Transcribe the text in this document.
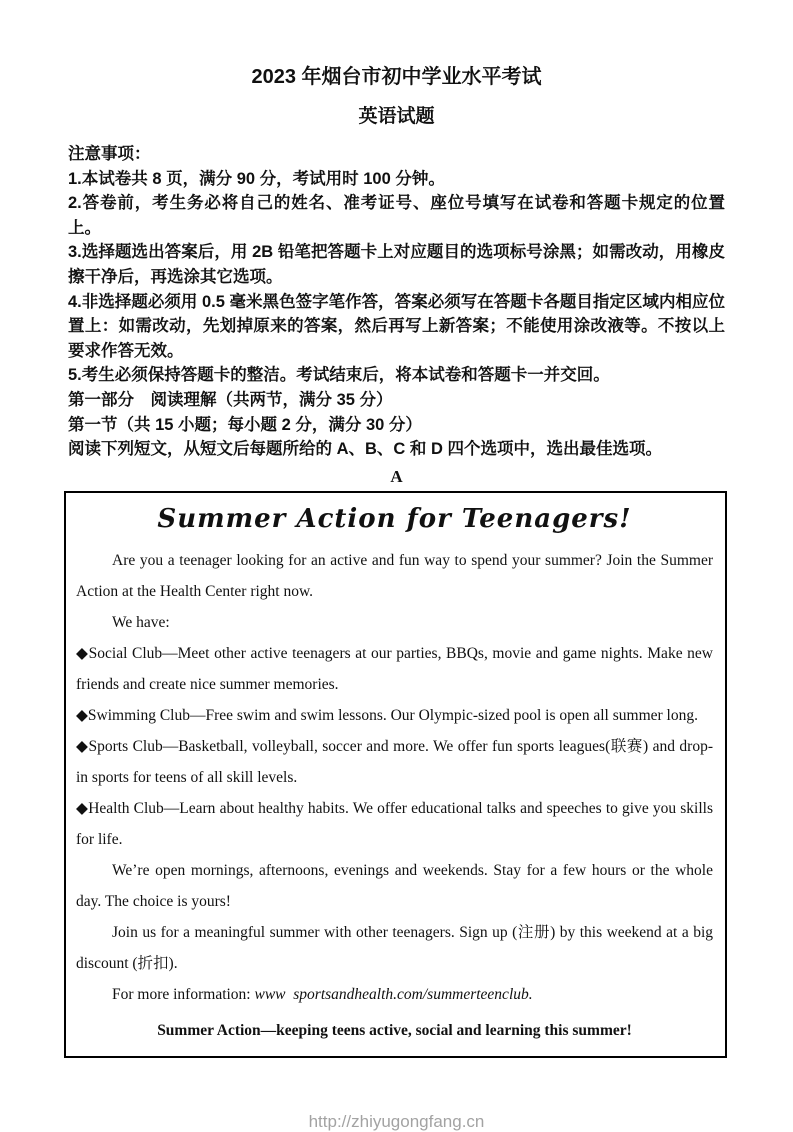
2023 年烟台市初中学业水平考试
英语试题

注意事项：

1.本试卷共 8 页，满分 90 分，考试用时 100 分钟。

2.答卷前，考生务必将自己的姓名、准考证号、座位号填写在试卷和答题卡规定的位置上。

3.选择题选出答案后，用 2B 铅笔把答题卡上对应题目的选项标号涂黑；如需改动，用橡皮擦干净后，再选涂其它选项。

4.非选择题必须用 0.5 毫米黑色签字笔作答，答案必须写在答题卡各题目指定区域内相应位置上：如需改动，先划掉原来的答案，然后再写上新答案；不能使用涂改液等。不按以上要求作答无效。

5.考生必须保持答题卡的整洁。考试结束后，将本试卷和答题卡一并交回。

第一部分　阅读理解（共两节，满分 35 分）

第一节（共 15 小题；每小题 2 分，满分 30 分）

阅读下列短文，从短文后每题所给的 A、B、C 和 D 四个选项中，选出最佳选项。

A

Summer Action for Teenagers!

Are you a teenager looking for an active and fun way to spend your summer? Join the Summer Action at the Health Center right now.

We have:

◆Social Club—Meet other active teenagers at our parties, BBQs, movie and game nights. Make new friends and create nice summer memories.

◆Swimming Club—Free swim and swim lessons. Our Olympic-sized pool is open all summer long.

◆Sports Club—Basketball, volleyball, soccer and more. We offer fun sports leagues(联赛) and drop-in sports for teens of all skill levels.

◆Health Club—Learn about healthy habits. We offer educational talks and speeches to give you skills for life.

We’re open mornings, afternoons, evenings and weekends. Stay for a few hours or the whole day. The choice is yours!

Join us for a meaningful summer with other teenagers. Sign up (注册) by this weekend at a big discount (折扣).

For more information: www  sportsandhealth.com/summerteenclub.

Summer Action—keeping teens active, social and learning this summer!

http://zhiyugongfang.cn
